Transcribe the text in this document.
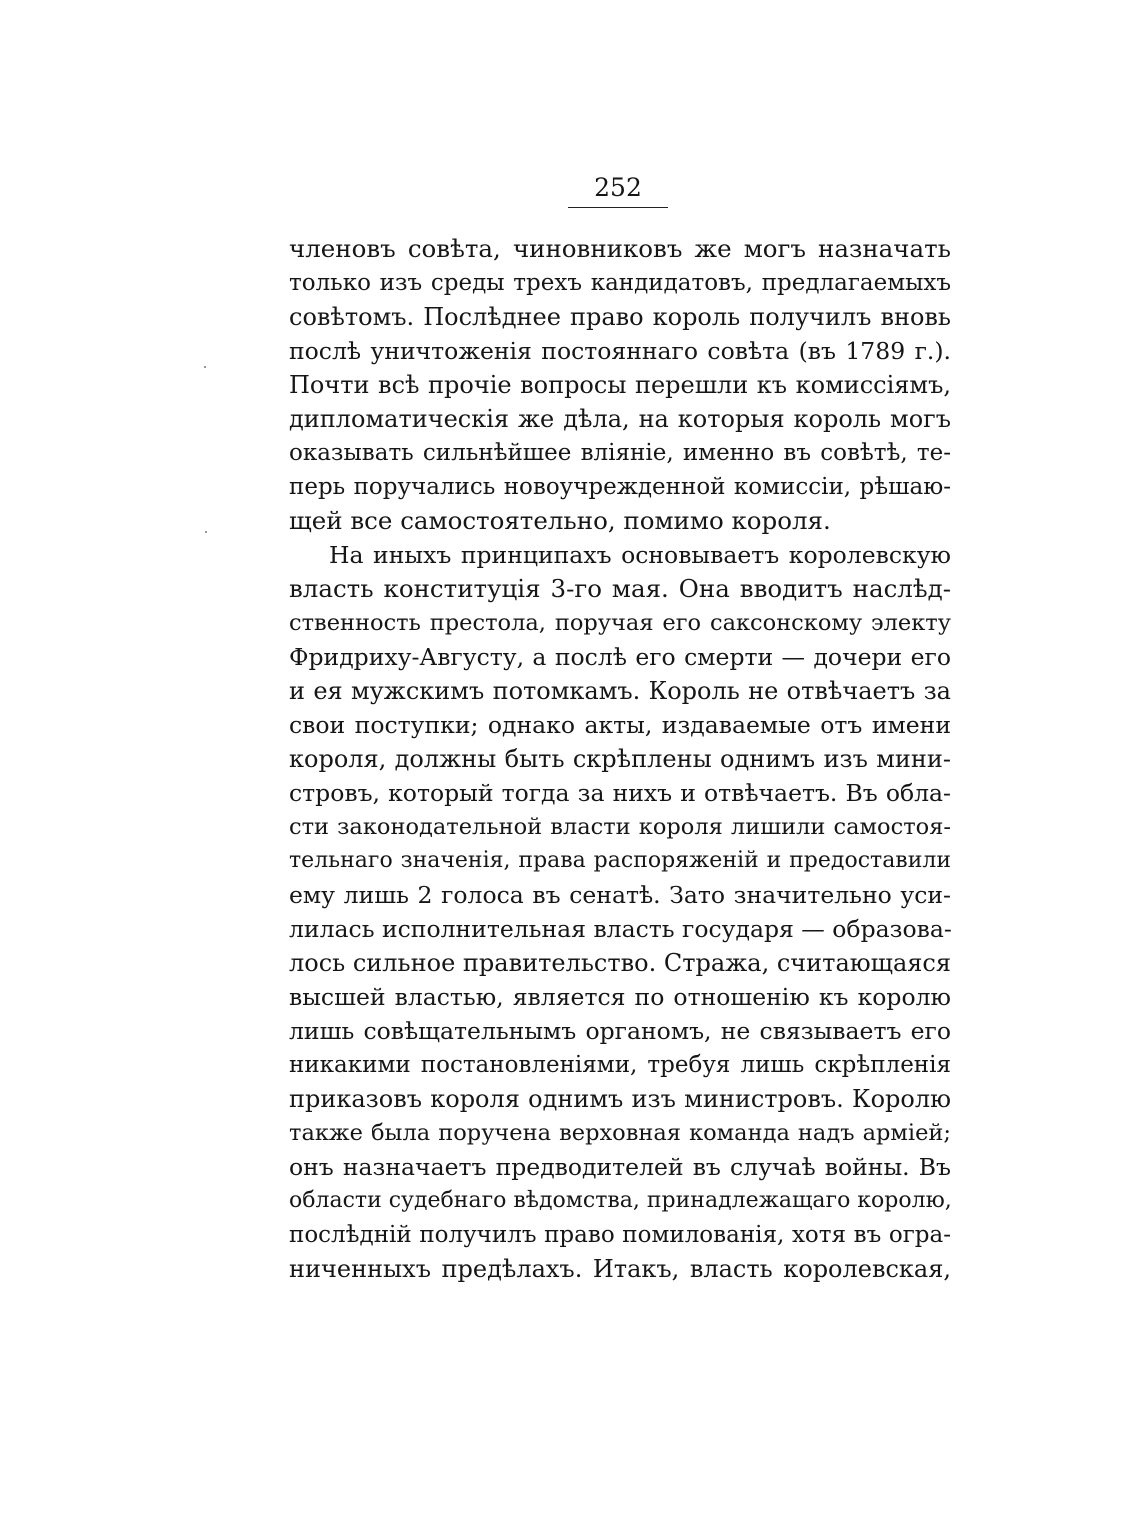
252
членовъ совѣта, чиновниковъ же могъ назначать
только изъ среды трехъ кандидатовъ, предлагаемыхъ
совѣтомъ. Послѣднее право король получилъ вновь
послѣ уничтоженія постояннаго совѣта (въ 1789 г.).
Почти всѣ прочіе вопросы перешли къ комиссіямъ,
дипломатическія же дѣла, на которыя король могъ
оказывать сильнѣйшее вліяніе, именно въ совѣтѣ, те-
перь поручались новоучрежденной комиссіи, рѣшаю-
щей все самостоятельно, помимо короля.
На иныхъ принципахъ основываетъ королевскую
власть конституція 3-го мая. Она вводитъ наслѣд-
ственность престола, поручая его саксонскому электу
Фридриху-Августу, а послѣ его смерти — дочери его
и ея мужскимъ потомкамъ. Король не отвѣчаетъ за
свои поступки; однако акты, издаваемые отъ имени
короля, должны быть скрѣплены однимъ изъ мини-
стровъ, который тогда за нихъ и отвѣчаетъ. Въ обла-
сти законодательной власти короля лишили самостоя-
тельнаго значенія, права распоряженій и предоставили
ему лишь 2 голоса въ сенатѣ. Зато значительно уси-
лилась исполнительная власть государя — образова-
лось сильное правительство. Стража, считающаяся
высшей властью, является по отношенію къ королю
лишь совѣщательнымъ органомъ, не связываетъ его
никакими постановленіями, требуя лишь скрѣпленія
приказовъ короля однимъ изъ министровъ. Королю
также была поручена верховная команда надъ арміей;
онъ назначаетъ предводителей въ случаѣ войны. Въ
области судебнаго вѣдомства, принадлежащаго королю,
послѣдній получилъ право помилованія, хотя въ огра-
ниченныхъ предѣлахъ. Итакъ, власть королевская,
